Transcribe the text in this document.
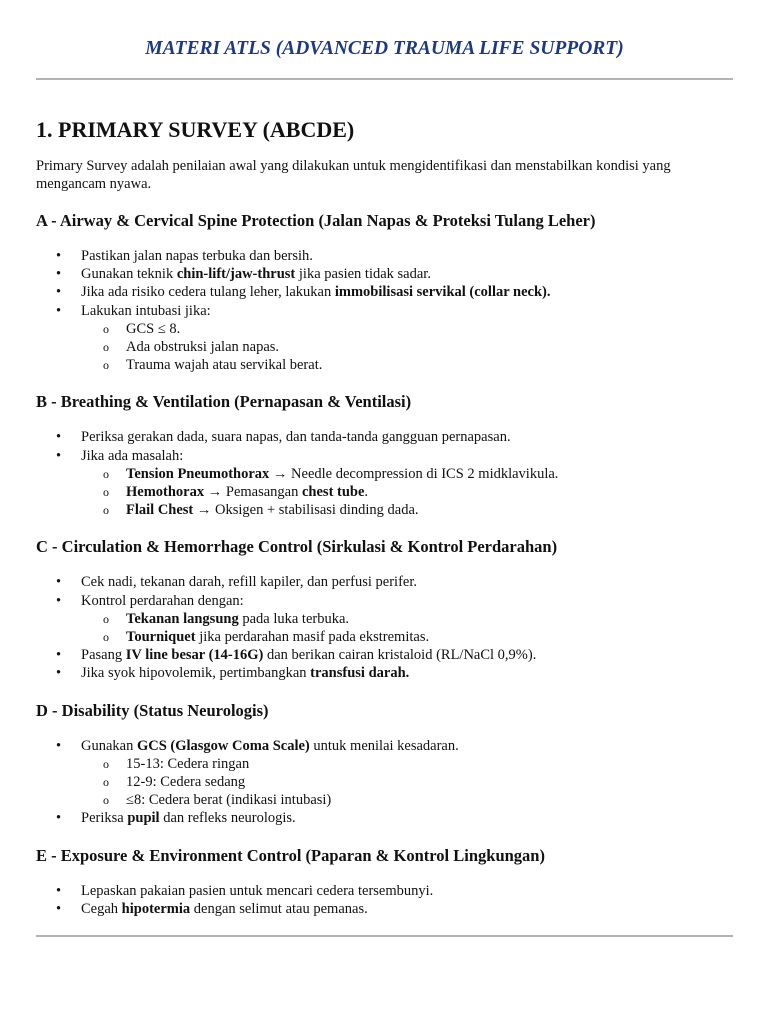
MATERI ATLS (ADVANCED TRAUMA LIFE SUPPORT)
1. PRIMARY SURVEY (ABCDE)

Primary Survey adalah penilaian awal yang dilakukan untuk mengidentifikasi dan menstabilkan kondisi yang mengancam nyawa.

A - Airway & Cervical Spine Protection (Jalan Napas & Proteksi Tulang Leher)
• Pastikan jalan napas terbuka dan bersih.
• Gunakan teknik chin-lift/jaw-thrust jika pasien tidak sadar.
• Jika ada risiko cedera tulang leher, lakukan immobilisasi servikal (collar neck).
• Lakukan intubasi jika:
o GCS ≤ 8.
o Ada obstruksi jalan napas.
o Trauma wajah atau servikal berat.
B - Breathing & Ventilation (Pernapasan & Ventilasi)
• Periksa gerakan dada, suara napas, dan tanda-tanda gangguan pernapasan.
• Jika ada masalah:
o Tension Pneumothorax → Needle decompression di ICS 2 midklavikula.
o Hemothorax → Pemasangan chest tube.
o Flail Chest → Oksigen + stabilisasi dinding dada.
C - Circulation & Hemorrhage Control (Sirkulasi & Kontrol Perdarahan)
• Cek nadi, tekanan darah, refill kapiler, dan perfusi perifer.
• Kontrol perdarahan dengan:
o Tekanan langsung pada luka terbuka.
o Tourniquet jika perdarahan masif pada ekstremitas.
• Pasang IV line besar (14-16G) dan berikan cairan kristaloid (RL/NaCl 0,9%).
• Jika syok hipovolemik, pertimbangkan transfusi darah.
D - Disability (Status Neurologis)
• Gunakan GCS (Glasgow Coma Scale) untuk menilai kesadaran.
o 15-13: Cedera ringan
o 12-9: Cedera sedang
o ≤8: Cedera berat (indikasi intubasi)
• Periksa pupil dan refleks neurologis.
E - Exposure & Environment Control (Paparan & Kontrol Lingkungan)
• Lepaskan pakaian pasien untuk mencari cedera tersembunyi.
• Cegah hipotermia dengan selimut atau pemanas.
